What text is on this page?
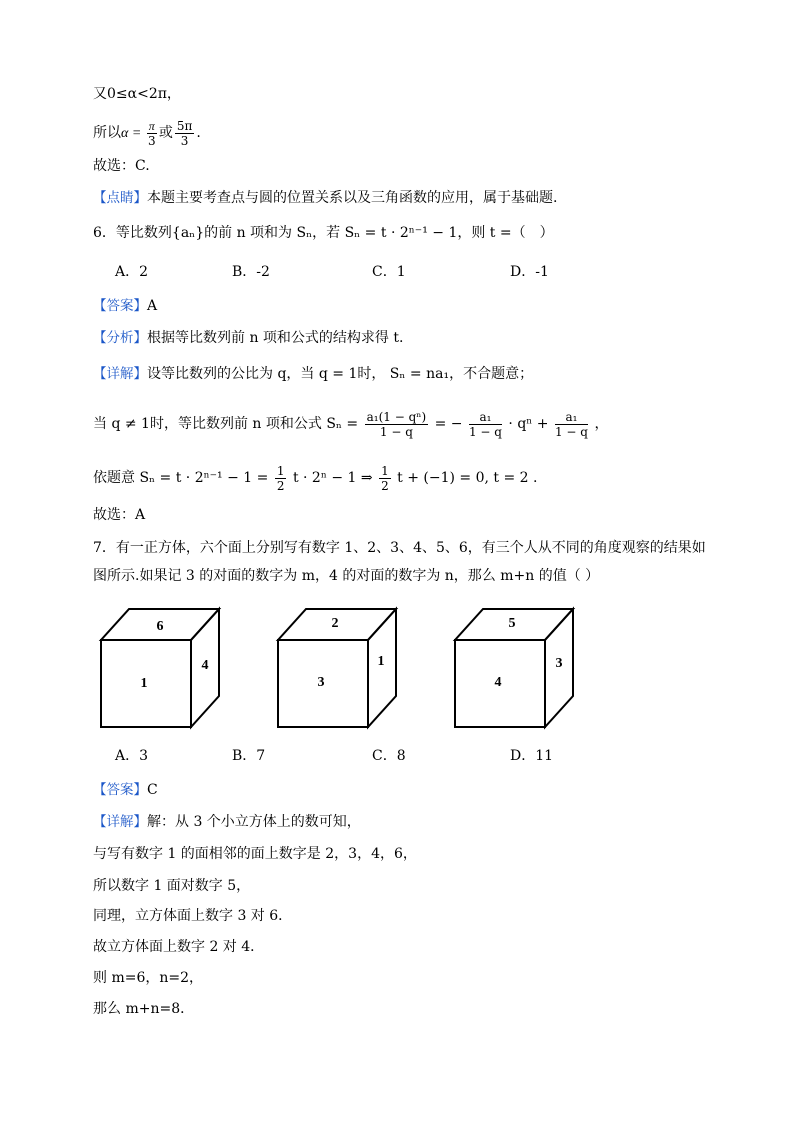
又0≤α<2π，
所以$\alpha = \frac{\pi}{3}$ 或 $\frac{5\pi}{3}$ .
故选：C.
【点睛】本题主要考查点与圆的位置关系以及三角函数的应用，属于基础题.
6．等比数列{aₙ}的前 n 项和为 Sₙ，若 Sₙ = t · 2ⁿ⁻¹ − 1，则 t =（　）
A．2	B．-2	C．1	D．-1
【答案】A
【分析】根据等比数列前 n 项和公式的结构求得 t.
【详解】设等比数列的公比为 q，当 q = 1时， Sₙ = na₁，不合题意；
当 q ≠ 1时，等比数列前 n 项和公式 $S_n = \frac{\text{a₁(1 − qⁿ)}}{1 - q}$ = − $\frac{\text{a₁}}{1 - q} \cdot q^n + \frac{\text{a₁}}{1 - q}$ ，
依题意 $S_n = t \cdot 2^{n-1} - 1 = \frac{1}{2}$ t · 2ⁿ − 1 ⇒ $\frac{1}{2}$ t + (−1) = 0, t = 2 .
故选：A
7．有一正方体，六个面上分别写有数字 1、2、3、4、5、6，有三个人从不同的角度观察的结果如
图所示.如果记 3 的对面的数字为 m，4 的对面的数字为 n，那么 m+n 的值（ ）
6
1
4
2
3
1
5
4
3
A．3	B．7	C．8	D．11
【答案】C
【详解】解：从 3 个小立方体上的数可知，
与写有数字 1 的面相邻的面上数字是 2，3，4，6，
所以数字 1 面对数字 5，
同理，立方体面上数字 3 对 6．
故立方体面上数字 2 对 4．
则 m=6，n=2，
那么 m+n=8．
